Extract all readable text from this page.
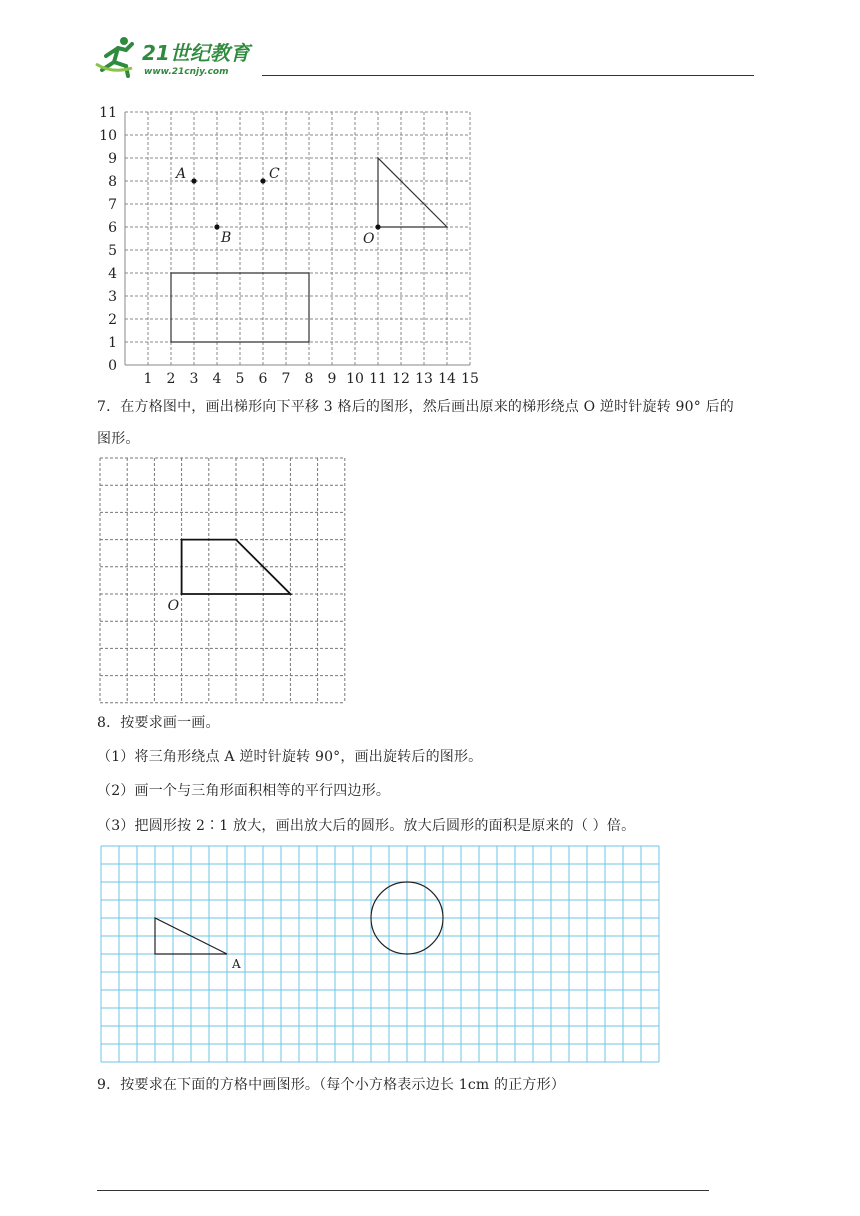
21世纪教育
www.21cnjy.com
1 2 3 4 5 6 7 8 9 10 11 12 13 14 15
0
1
2
3
4
5
6
7
8
9
10
11
A
B
C
O
7．在方格图中，画出梯形向下平移 3 格后的图形，然后画出原来的梯形绕点 O 逆时针旋转 90° 后的
图形。
O
8．按要求画一画。
（1）将三角形绕点 A 逆时针旋转 90°，画出旋转后的图形。
（2）画一个与三角形面积相等的平行四边形。
（3）把圆形按 2∶1 放大，画出放大后的圆形。放大后圆形的面积是原来的（ ）倍。
A
9．按要求在下面的方格中画图形。（每个小方格表示边长 1cm 的正方形）
